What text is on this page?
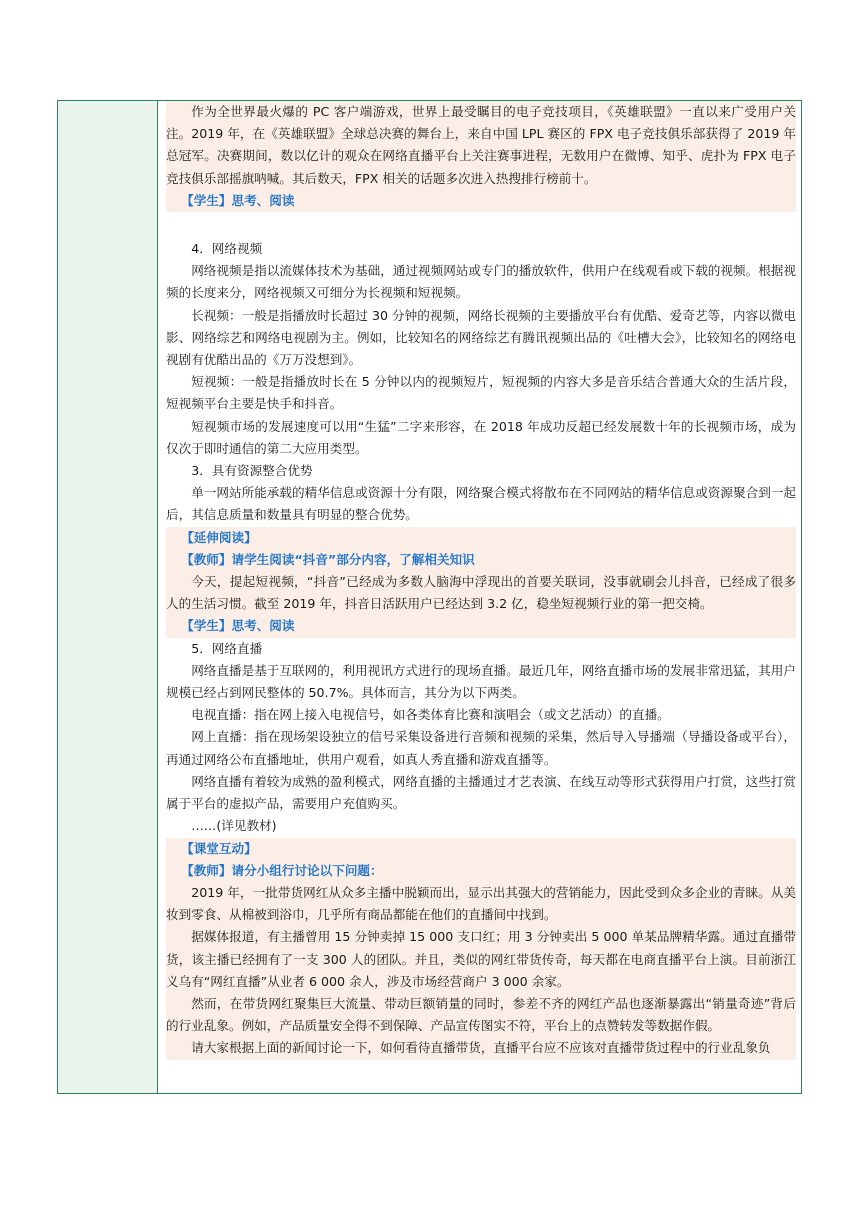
作为全世界最火爆的 PC 客户端游戏，世界上最受瞩目的电子竞技项目，《英雄联盟》一直以来广受用户关注。2019 年，在《英雄联盟》全球总决赛的舞台上，来自中国 LPL 赛区的 FPX 电子竞技俱乐部获得了 2019 年总冠军。决赛期间，数以亿计的观众在网络直播平台上关注赛事进程，无数用户在微博、知乎、虎扑为 FPX 电子竞技俱乐部摇旗呐喊。其后数天，FPX 相关的话题多次进入热搜排行榜前十。

【学生】思考、阅读

4．网络视频

网络视频是指以流媒体技术为基础，通过视频网站或专门的播放软件，供用户在线观看或下载的视频。根据视频的长度来分，网络视频又可细分为长视频和短视频。

长视频：一般是指播放时长超过 30 分钟的视频，网络长视频的主要播放平台有优酷、爱奇艺等，内容以微电影、网络综艺和网络电视剧为主。例如，比较知名的网络综艺有腾讯视频出品的《吐槽大会》，比较知名的网络电视剧有优酷出品的《万万没想到》。

短视频：一般是指播放时长在 5 分钟以内的视频短片，短视频的内容大多是音乐结合普通大众的生活片段，短视频平台主要是快手和抖音。

短视频市场的发展速度可以用“生猛”二字来形容，在 2018 年成功反超已经发展数十年的长视频市场，成为仅次于即时通信的第二大应用类型。

3．具有资源整合优势

单一网站所能承载的精华信息或资源十分有限，网络聚合模式将散布在不同网站的精华信息或资源聚合到一起后，其信息质量和数量具有明显的整合优势。

【延伸阅读】

【教师】请学生阅读“抖音”部分内容，了解相关知识

今天，提起短视频，“抖音”已经成为多数人脑海中浮现出的首要关联词，没事就刷会儿抖音，已经成了很多人的生活习惯。截至 2019 年，抖音日活跃用户已经达到 3.2 亿，稳坐短视频行业的第一把交椅。

【学生】思考、阅读

5．网络直播

网络直播是基于互联网的，利用视讯方式进行的现场直播。最近几年，网络直播市场的发展非常迅猛，其用户规模已经占到网民整体的 50.7%。具体而言，其分为以下两类。

电视直播：指在网上接入电视信号，如各类体育比赛和演唱会（或文艺活动）的直播。

网上直播：指在现场架设独立的信号采集设备进行音频和视频的采集，然后导入导播端（导播设备或平台），再通过网络公布直播地址，供用户观看，如真人秀直播和游戏直播等。

网络直播有着较为成熟的盈利模式，网络直播的主播通过才艺表演、在线互动等形式获得用户打赏，这些打赏属于平台的虚拟产品，需要用户充值购买。

……(详见教材)

【课堂互动】

【教师】请分小组行讨论以下问题：

2019 年，一批带货网红从众多主播中脱颖而出，显示出其强大的营销能力，因此受到众多企业的青睐。从美妆到零食、从棉被到浴巾，几乎所有商品都能在他们的直播间中找到。

据媒体报道，有主播曾用 15 分钟卖掉 15 000 支口红；用 3 分钟卖出 5 000 单某品牌精华露。通过直播带货，该主播已经拥有了一支 300 人的团队。并且，类似的网红带货传奇，每天都在电商直播平台上演。目前浙江义乌有“网红直播”从业者 6 000 余人，涉及市场经营商户 3 000 余家。

然而，在带货网红聚集巨大流量、带动巨额销量的同时，参差不齐的网红产品也逐渐暴露出“销量奇迹”背后的行业乱象。例如，产品质量安全得不到保障、产品宣传图实不符，平台上的点赞转发等数据作假。

请大家根据上面的新闻讨论一下，如何看待直播带货，直播平台应不应该对直播带货过程中的行业乱象负
